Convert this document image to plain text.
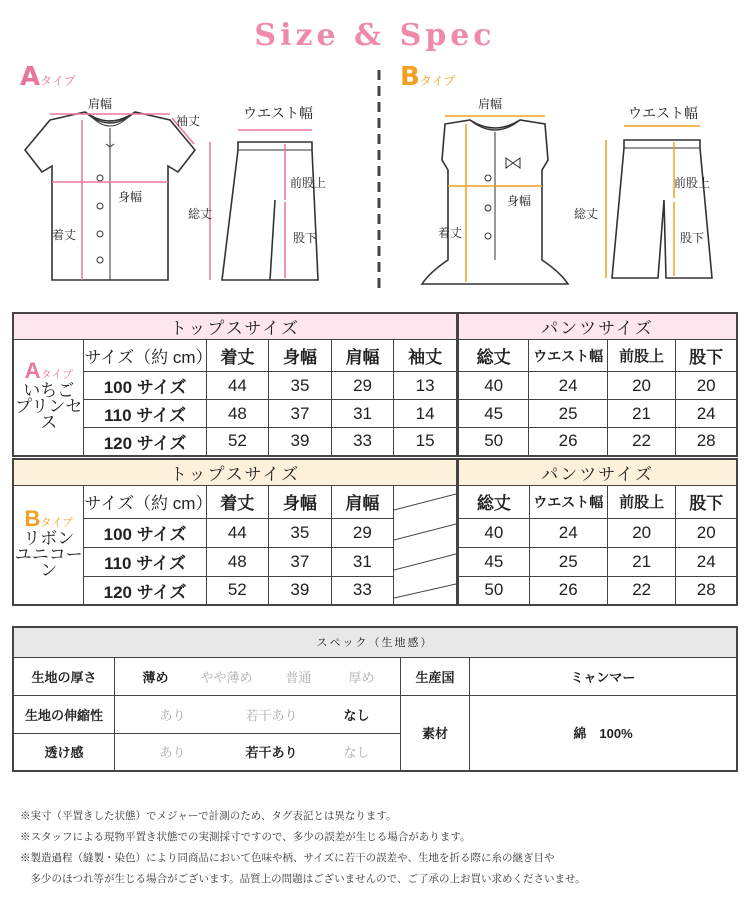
Size & Spec
Aタイプ
肩幅
袖丈
身幅
着丈
ウエスト幅
総丈
前股上
股下
Bタイプ
肩幅
身幅
着丈
ウエスト幅
総丈
前股上
股下
トップスサイズ						パンツサイズ			
Aタイプ
いちご
プリンセス	サイズ（約 cm）	着丈	身幅	肩幅	袖丈	総丈	ウエスト幅	前股上	股下
	100 サイズ	44	35	29	13	40	24	20	20
	110 サイズ	48	37	31	14	45	25	21	24
	120 サイズ	52	39	33	15	50	26	22	28
トップスサイズ						パンツサイズ			
Bタイプ
リボン
ユニコーン	サイズ（約 cm）	着丈	身幅	肩幅		総丈	ウエスト幅	前股上	股下
	100 サイズ	44	35	29		40	24	20	20
	110 サイズ	48	37	31		45	25	21	24
	120 サイズ	52	39	33		50	26	22	28
スペック（生地感）			
生地の厚さ	薄め やや薄め 普通 厚め	生産国	ミャンマー
生地の伸縮性	あり 若干あり なし	素材	綿　100%
透け感	あり 若干あり なし		
※実寸（平置きした状態）でメジャーで計測のため、タグ表記とは異なります。
※スタッフによる現物平置き状態での実測採寸ですので、多少の誤差が生じる場合があります。
※製造過程（縫製・染色）により同商品において色味や柄、サイズに若干の誤差や、生地を折る際に糸の継ぎ目や
　多少のほつれ等が生じる場合がございます。品質上の問題はございませんので、ご了承の上お買い求めくださいませ。
